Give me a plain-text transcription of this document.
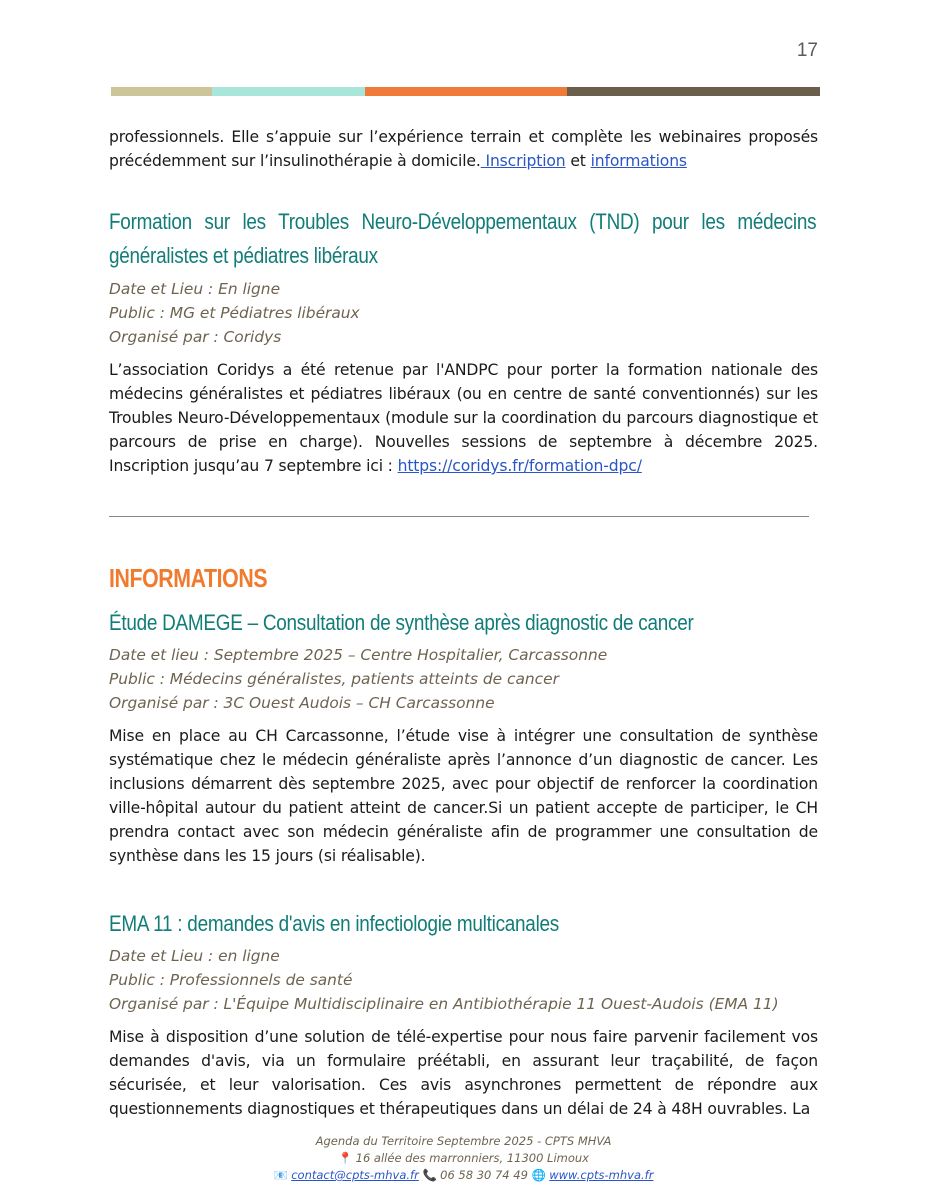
17

professionnels. Elle s’appuie sur l’expérience terrain et complète les webinaires proposés précédemment sur l’insulinothérapie à domicile. Inscription et informations

Formation sur les Troubles Neuro-Développementaux (TND) pour les médecins généralistes et pédiatres libéraux

Date et Lieu : En ligne

Public : MG et Pédiatres libéraux

Organisé par : Coridys

L’association Coridys a été retenue par l'ANDPC pour porter la formation nationale des médecins généralistes et pédiatres libéraux (ou en centre de santé conventionnés) sur les Troubles Neuro-Développementaux (module sur la coordination du parcours diagnostique et parcours de prise en charge). Nouvelles sessions de septembre à décembre 2025. Inscription jusqu’au 7 septembre ici : https://coridys.fr/formation-dpc/

INFORMATIONS
Étude DAMEGE – Consultation de synthèse après diagnostic de cancer

Date et lieu : Septembre 2025 – Centre Hospitalier, Carcassonne

Public : Médecins généralistes, patients atteints de cancer

Organisé par : 3C Ouest Audois – CH Carcassonne

Mise en place au CH Carcassonne, l’étude vise à intégrer une consultation de synthèse systématique chez le médecin généraliste après l’annonce d’un diagnostic de cancer. Les inclusions démarrent dès septembre 2025, avec pour objectif de renforcer la coordination ville-hôpital autour du patient atteint de cancer.Si un patient accepte de participer, le CH prendra contact avec son médecin généraliste afin de programmer une consultation de synthèse dans les 15 jours (si réalisable).

EMA 11 : demandes d'avis en infectiologie multicanales

Date et Lieu : en ligne

Public : Professionnels de santé

Organisé par : L'Équipe Multidisciplinaire en Antibiothérapie 11 Ouest-Audois (EMA 11)

Mise à disposition d’une solution de télé-expertise pour nous faire parvenir facilement vos demandes d'avis, via un formulaire préétabli, en assurant leur traçabilité, de façon sécurisée, et leur valorisation. Ces avis asynchrones permettent de répondre aux questionnements diagnostiques et thérapeutiques dans un délai de 24 à 48H ouvrables. La

Agenda du Territoire Septembre 2025 - CPTS MHVA
📍 16 allée des marronniers, 11300 Limoux
📧 contact@cpts-mhva.fr 📞 06 58 30 74 49 🌐 www.cpts-mhva.fr
